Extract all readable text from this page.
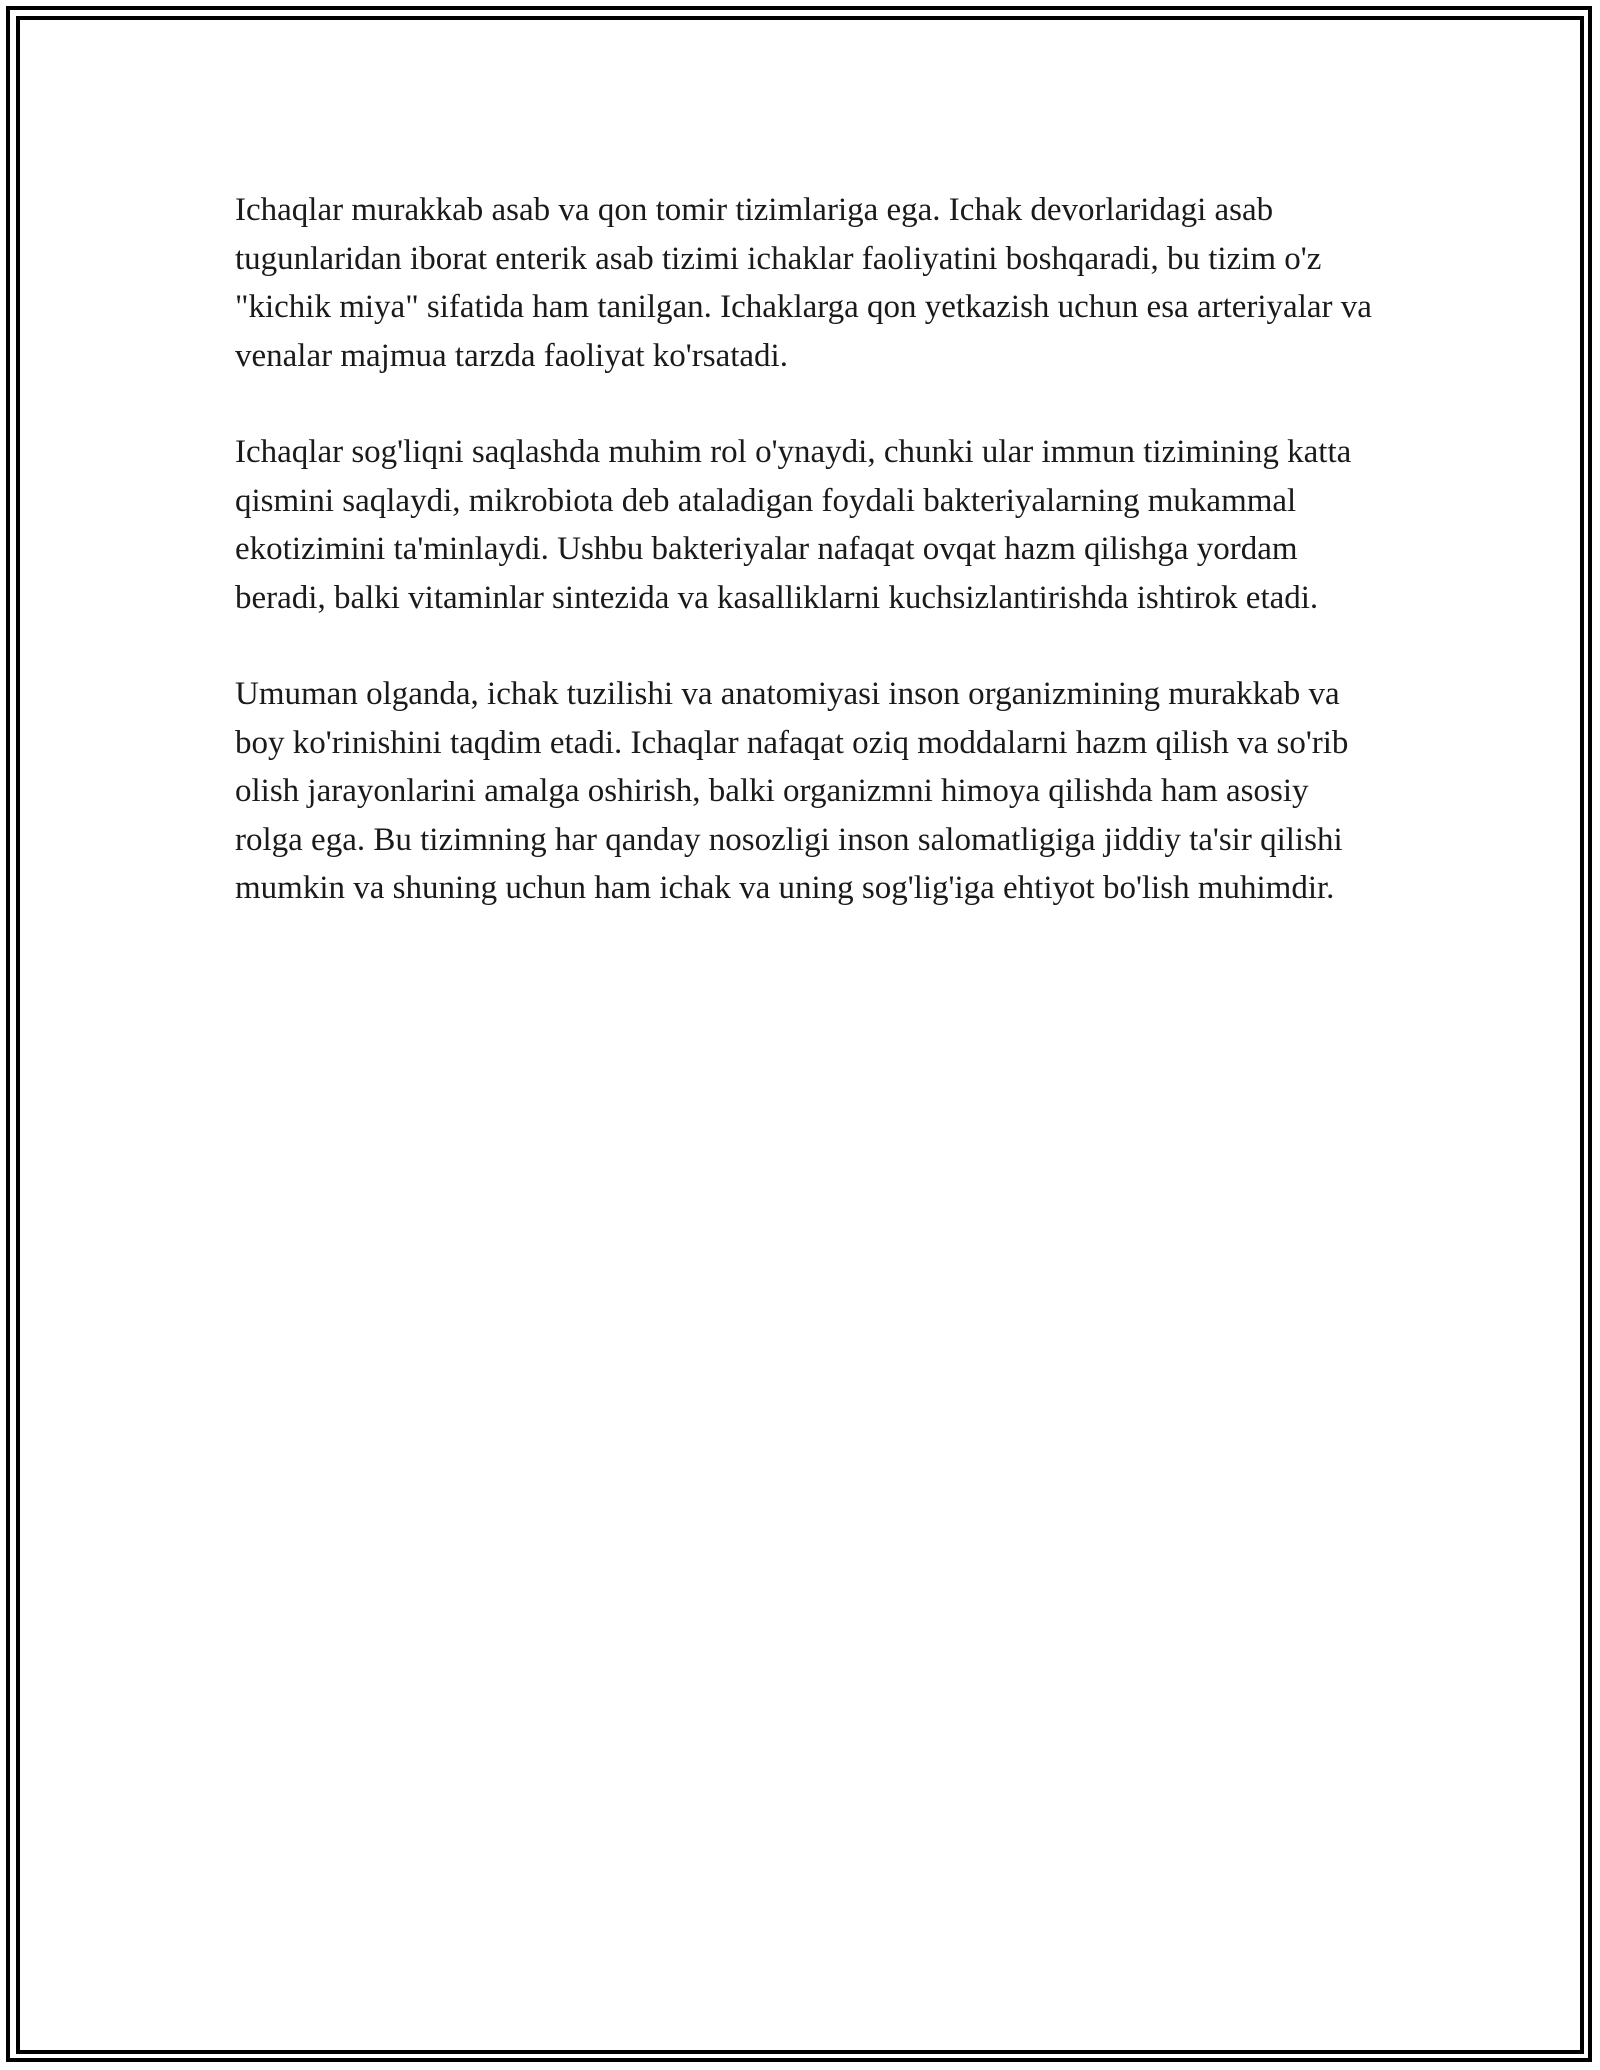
Ichaqlar murakkab asab va qon tomir tizimlariga ega. Ichak devorlaridagi asab tugunlaridan iborat enterik asab tizimi ichaklar faoliyatini boshqaradi, bu tizim o'z "kichik miya" sifatida ham tanilgan. Ichaklarga qon yetkazish uchun esa arteriyalar va venalar majmua tarzda faoliyat ko'rsatadi.

Ichaqlar sog'liqni saqlashda muhim rol o'ynaydi, chunki ular immun tizimining katta qismini saqlaydi, mikrobiota deb ataladigan foydali bakteriyalarning mukammal ekotizimini ta'minlaydi. Ushbu bakteriyalar nafaqat ovqat hazm qilishga yordam beradi, balki vitaminlar sintezida va kasalliklarni kuchsizlantirishda ishtirok etadi.

Umuman olganda, ichak tuzilishi va anatomiyasi inson organizmining murakkab va boy ko'rinishini taqdim etadi. Ichaqlar nafaqat oziq moddalarni hazm qilish va so'rib olish jarayonlarini amalga oshirish, balki organizmni himoya qilishda ham asosiy rolga ega. Bu tizimning har qanday nosozligi inson salomatligiga jiddiy ta'sir qilishi mumkin va shuning uchun ham ichak va uning sog'lig'iga ehtiyot bo'lish muhimdir.
